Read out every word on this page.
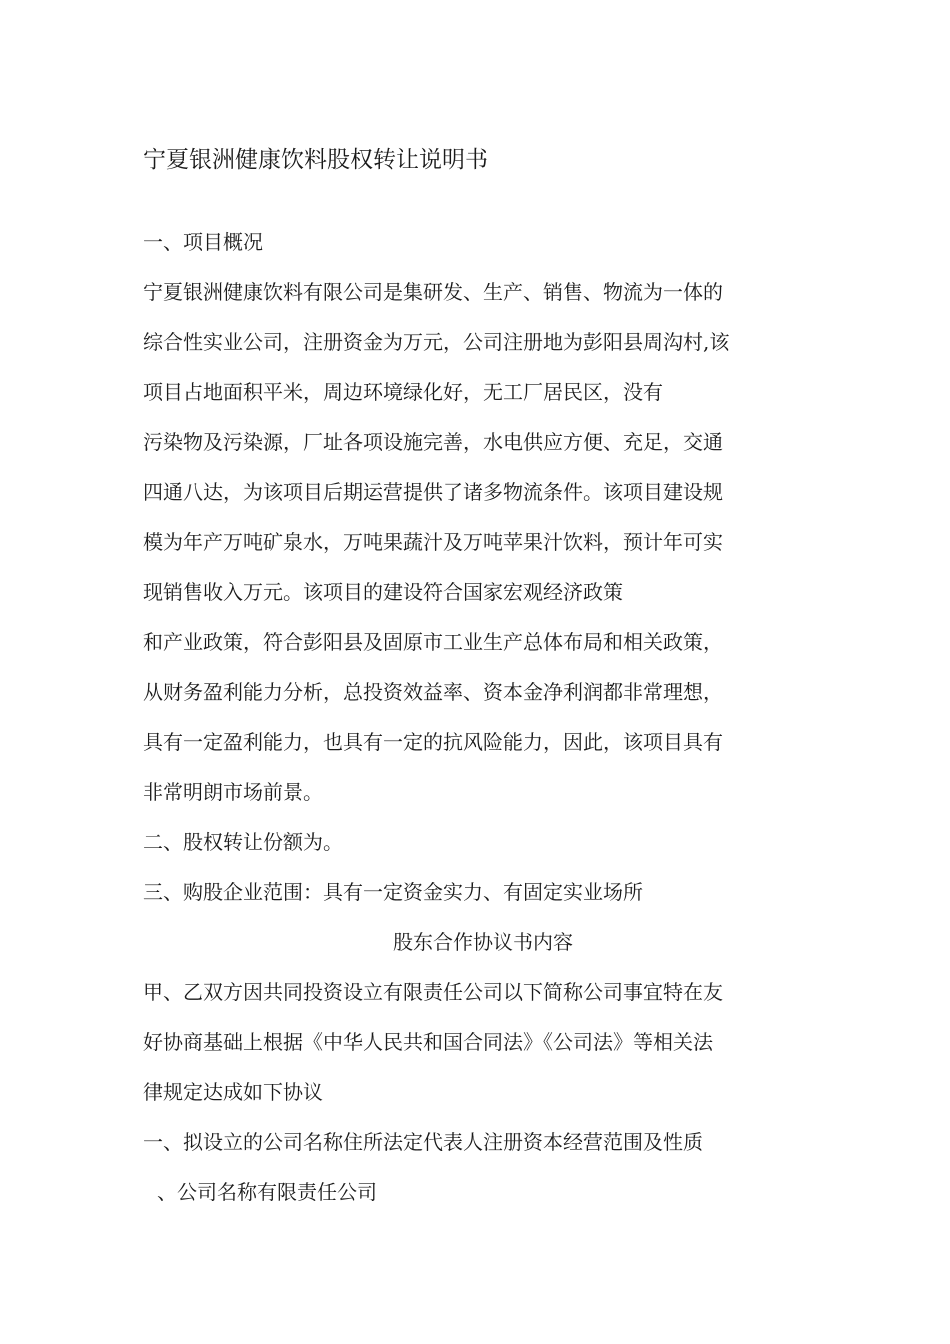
宁夏银洲健康饮料股权转让说明书
一、项目概况
宁夏银洲健康饮料有限公司是集研发、生产、销售、物流为一体的
综合性实业公司，注册资金为万元，公司注册地为彭阳县周沟村,该
项目占地面积平米，周边环境绿化好，无工厂居民区，没有
污染物及污染源，厂址各项设施完善，水电供应方便、充足，交通
四通八达，为该项目后期运营提供了诸多物流条件。该项目建设规
模为年产万吨矿泉水，万吨果蔬汁及万吨苹果汁饮料，预计年可实
现销售收入万元。该项目的建设符合国家宏观经济政策
和产业政策，符合彭阳县及固原市工业生产总体布局和相关政策，
从财务盈利能力分析，总投资效益率、资本金净利润都非常理想，
具有一定盈利能力，也具有一定的抗风险能力，因此，该项目具有
非常明朗市场前景。
二、股权转让份额为。
三、购股企业范围：具有一定资金实力、有固定实业场所
股东合作协议书内容
甲、乙双方因共同投资设立有限责任公司以下简称公司事宜特在友
好协商基础上根据《中华人民共和国合同法》《公司法》等相关法
律规定达成如下协议
一、拟设立的公司名称住所法定代表人注册资本经营范围及性质
、公司名称有限责任公司
